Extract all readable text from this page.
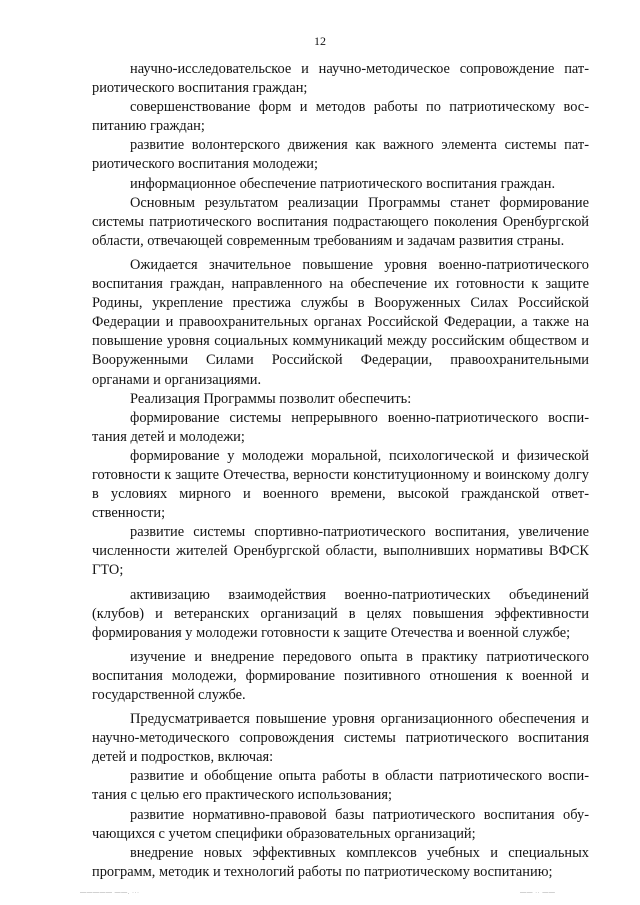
12

научно-исследовательское и научно-методическое сопровождение патриотического воспитания граждан;

совершенствование форм и методов работы по патриотическому воспитанию граждан;

развитие волонтерского движения как важного элемента системы патриотического воспитания молодежи;

информационное обеспечение патриотического воспитания граждан.

Основным результатом реализации Программы станет формирование системы патриотического воспитания подрастающего поколения Оренбургской области, отвечающей современным требованиям и задачам развития страны.

Ожидается значительное повышение уровня военно-патриотического воспитания граждан, направленного на обеспечение их готовности к защите Родины, укрепление престижа службы в Вооруженных Силах Российской Федерации и правоохранительных органах Российской Федерации, а также на повышение уровня социальных коммуникаций между российским обществом и Вооруженными Силами Российской Федерации, правоохранительными органами и организациями.

Реализация Программы позволит обеспечить:

формирование системы непрерывного военно-патриотического воспитания детей и молодежи;

формирование у молодежи моральной, психологической и физической готовности к защите Отечества, верности конституционному и воинскому долгу в условиях мирного и военного времени, высокой гражданской ответственности;

развитие системы спортивно-патриотического воспитания, увеличение численности жителей Оренбургской области, выполнивших нормативы ВФСК ГТО;

активизацию взаимодействия военно-патриотических объединений (клубов) и ветеранских организаций в целях повышения эффективности формирования у молодежи готовности к защите Отечества и военной службе;

изучение и внедрение передового опыта в практику патриотического воспитания молодежи, формирование позитивного отношения к военной и государственной службе.

Предусматривается повышение уровня организационного обеспечения и научно-методического сопровождения системы патриотического воспитания детей и подростков, включая:

развитие и обобщение опыта работы в области патриотического воспитания с целью его практического использования;

развитие нормативно-правовой базы патриотического воспитания обучающихся с учетом специфики образовательных организаций;

внедрение новых эффективных комплексов учебных и специальных программ, методик и технологий работы по патриотическому воспитанию;

————— ——. ···	—— ·· ——
